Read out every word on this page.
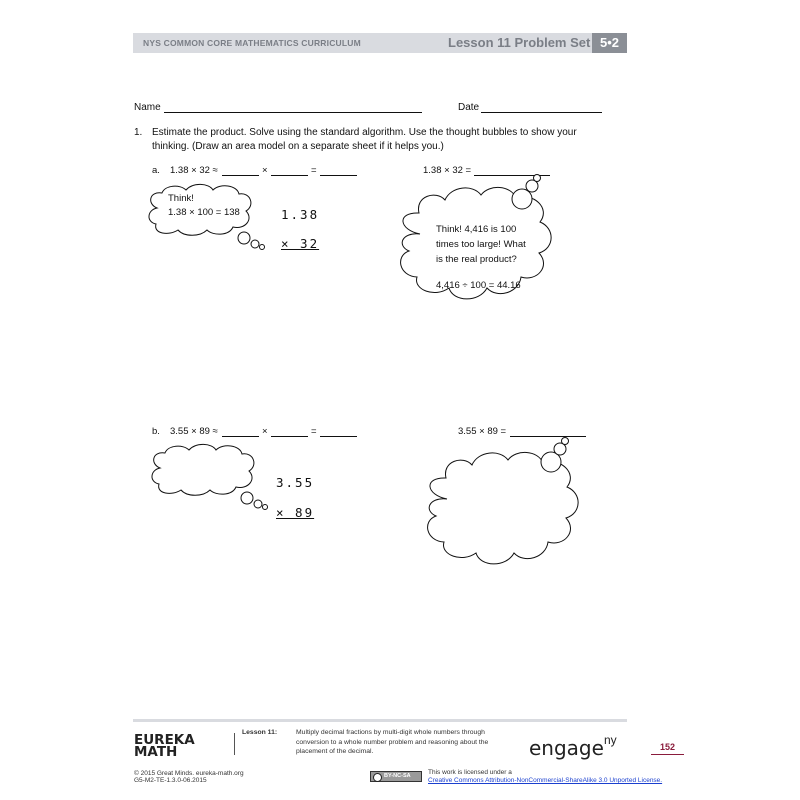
NYS COMMON CORE MATHEMATICS CURRICULUM	Lesson 11 Problem Set 5•2
Name	Date
1. Estimate the product. Solve using the standard algorithm. Use the thought bubbles to show your
thinking. (Draw an area model on a separate sheet if it helps you.)
a. 1.38 × 32 ≈	×	=	1.38 × 32 =
Think!
1.38 × 100 = 138	1.38
× 32
Think! 4,416 is 100
times too large! What
is the real product?
4,416 ÷ 100 = 44.16
b. 3.55 × 89 ≈	×	=	3.55 × 89 =
3.55
× 89
EUREKA
MATH
Lesson 11:	Multiply decimal fractions by multi-digit whole numbers through
conversion to a whole number problem and reasoning about the
placement of the decimal.	engage$^{ny}$	152
© 2015 Great Minds. eureka-math.org
G5-M2-TE-1.3.0-06.2015
BY-NC-SA	This work is licensed under a
Creative Commons Attribution-NonCommercial-ShareAlike 3.0 Unported License.
